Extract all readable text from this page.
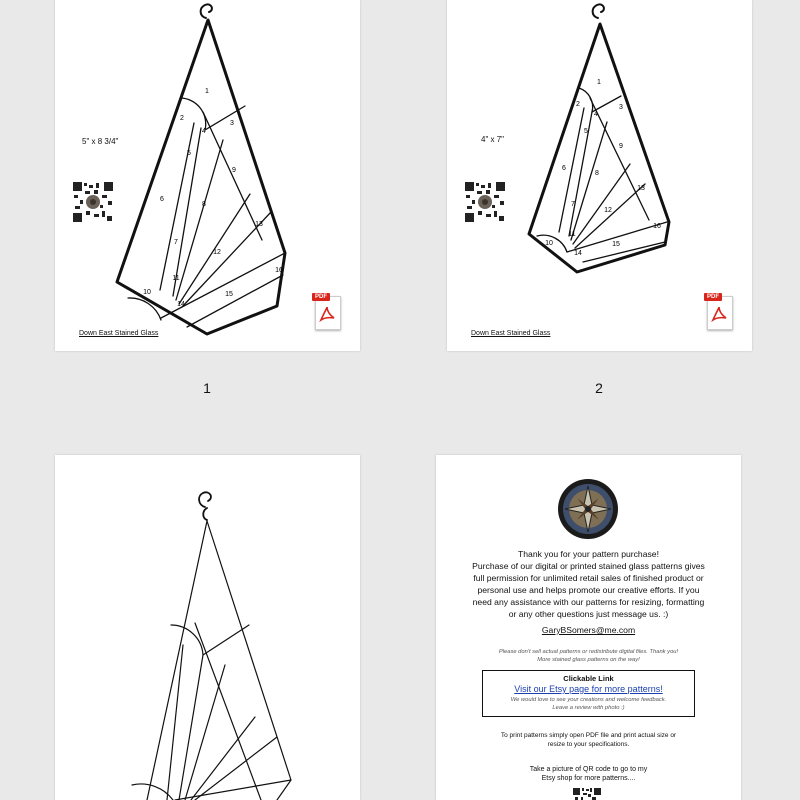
1
2
3
4
5
6
7
8
9
10
11
12
13
14
15
16
5" x 8 3/4"
Down East Stained Glass
PDF
1
2	3
4
5
6
7
8
9
10
11
12
13
14
15
16
4" x 7"
Down East Stained Glass
PDF
1	2
Thank you for your pattern purchase!
Purchase of our digital or printed stained glass patterns gives
full permission for unlimited retail sales of finished product or
personal use and helps promote our creative efforts. If you
need any assistance with our patterns for resizing, formatting
or any other questions just message us. :)
GaryBSomers@me.com
Please don't sell actual patterns or redistribute digital files. Thank you!
More stained glass patterns on the way!
Clickable Link
Visit our Etsy page for more patterns!
We would love to see your creations and welcome feedback.
Leave a review with photo :)
To print patterns simply open PDF file and print actual size or
resize to your specifications.
Take a picture of QR code to go to my
Etsy shop for more patterns....
